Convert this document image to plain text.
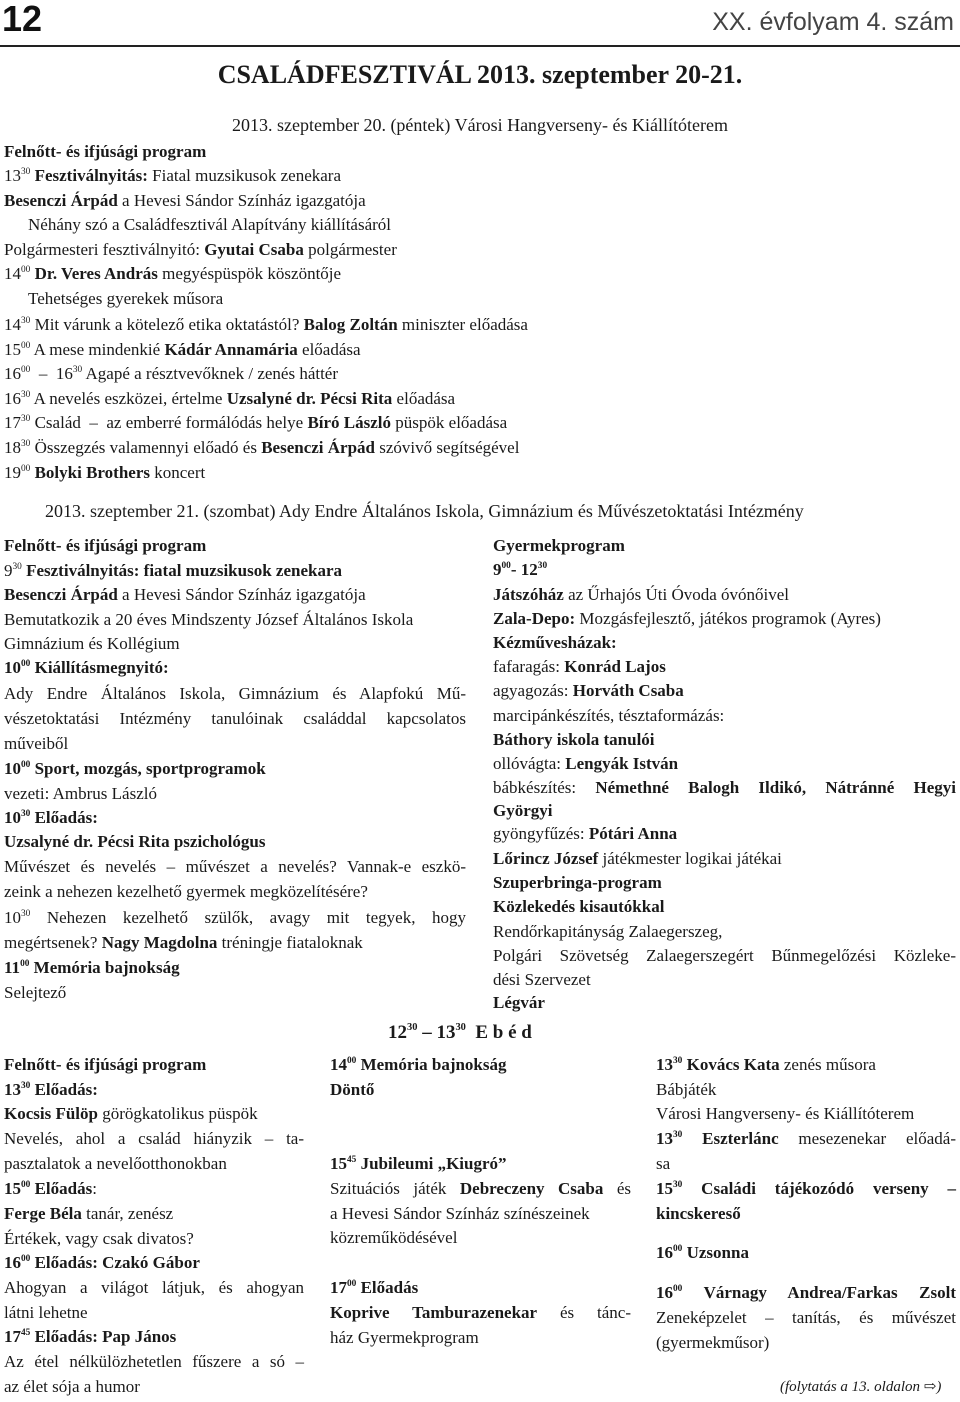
12	XX. évfolyam 4. szám
CSALÁDFESZTIVÁL 2013. szeptember 20-21.
2013. szeptember 20. (péntek) Városi Hangverseny- és Kiállítóterem
Felnőtt- és ifjúsági program
$13^{30}$ Fesztiválnyitás: Fiatal muzsikusok zenekara
Besenczi Árpád a Hevesi Sándor Színház igazgatója
Néhány szó a Családfesztivál Alapítvány kiállításáról
Polgármesteri fesztiválnyitó: Gyutai Csaba polgármester
$14^{00}$ Dr. Veres András megyéspüspök köszöntője
Tehetséges gyerekek műsora
$14^{30}$ Mit várunk a kötelező etika oktatástól? Balog Zoltán miniszter előadása
$15^{00}$ A mese mindenkié Kádár Annamária előadása
$16^{00} - 16^{30}$ Agapé a résztvevőknek / zenés háttér
$16^{30}$ A nevelés eszközei, értelme Uzsalyné dr. Pécsi Rita előadása
$17^{30}$ Család  –  az emberré formálódás helye Bíró László püspök előadása
$18^{30}$ Összegzés valamennyi előadó és Besenczi Árpád szóvivő segítségével
$19^{00}$ Bolyki Brothers koncert
2013. szeptember 21. (szombat) Ady Endre Általános Iskola, Gimnázium és Művészetoktatási Intézmény
Felnőtt- és ifjúsági program
$9^{30}$ Fesztiválnyitás: fiatal muzsikusok zenekara
Besenczi Árpád a Hevesi Sándor Színház igazgatója
Bemutatkozik a 20 éves Mindszenty József Általános Iskola
Gimnázium és Kollégium
$10^{00}$ Kiállításmegnyitó:
Ady Endre Általános Iskola, Gimnázium és Alapfokú Mű-
vészetoktatási Intézmény tanulóinak családdal kapcsolatos
műveiből
$10^{00}$ Sport, mozgás, sportprogramok
vezeti: Ambrus László
$10^{30}$ Előadás:
Uzsalyné dr. Pécsi Rita pszichológus
Művészet és nevelés – művészet a nevelés? Vannak-e eszkö-
zeink a nehezen kezelhető gyermek megközelítésére?
$10^{30}$ Nehezen kezelhető szülők, avagy mit tegyek, hogy
megértsenek? Nagy Magdolna tréningje fiataloknak
$11^{00}$ Memória bajnokság
Selejtező
Gyermekprogram
$9^{00}-$ $12^{30}$
Játszóház az Űrhajós Úti Óvoda óvónőivel
Zala-Depo: Mozgásfejlesztő, játékos programok (Ayres)
Kézművesházak:
fafaragás: Konrád Lajos
agyagozás: Horváth Csaba
marcipánkészítés, tésztaformázás:
Báthory iskola tanulói
ollóvágta: Lengyák István
bábkészítés: Némethné Balogh Ildikó, Nátránné Hegyi
Györgyi
gyöngyfűzés: Pótári Anna
Lőrincz József játékmester logikai játékai
Szuperbringa-program
Közlekedés kisautókkal
Rendőrkapitányság Zalaegerszeg,
Polgári Szövetség Zalaegerszegért Bűnmegelőzési Közleke-
dési Szervezet
Légvár
$12^{30} - 13^{30}$  E b é d
Felnőtt- és ifjúsági program
$13^{30}$ Előadás:
Kocsis Fülöp görögkatolikus püspök
Nevelés, ahol a család hiányzik – ta-
pasztalatok a nevelőotthonokban
$15^{00}$ Előadás:
Ferge Béla tanár, zenész
Értékek, vagy csak divatos?
$16^{00}$ Előadás: Czakó Gábor
Ahogyan a világot látjuk, és ahogyan
látni lehetne
$17^{45}$ Előadás: Pap János
Az étel nélkülözhetetlen fűszere a só –
az élet sója a humor
$14^{00}$ Memória bajnokság
Döntő
$15^{45}$ Jubileumi „Kiugró”
Szituációs játék Debreczeny Csaba és
a Hevesi Sándor Színház színészeinek
közreműködésével
$17^{00}$ Előadás
Koprive Tamburazenekar és tánc-
ház Gyermekprogram
$13^{30}$ Kovács Kata zenés műsora
Bábjáték
Városi Hangverseny- és Kiállítóterem
$13^{30}$ Eszterlánc mesezenekar előadá-
sa
$15^{30}$ Családi tájékozódó verseny –
kincskereső
$16^{00}$ Uzsonna
$16^{00}$ Várnagy Andrea/Farkas Zsolt
Zeneképzelet – tanítás, és művészet
(gyermekműsor)
(folytatás a 13. oldalon ⇨)
